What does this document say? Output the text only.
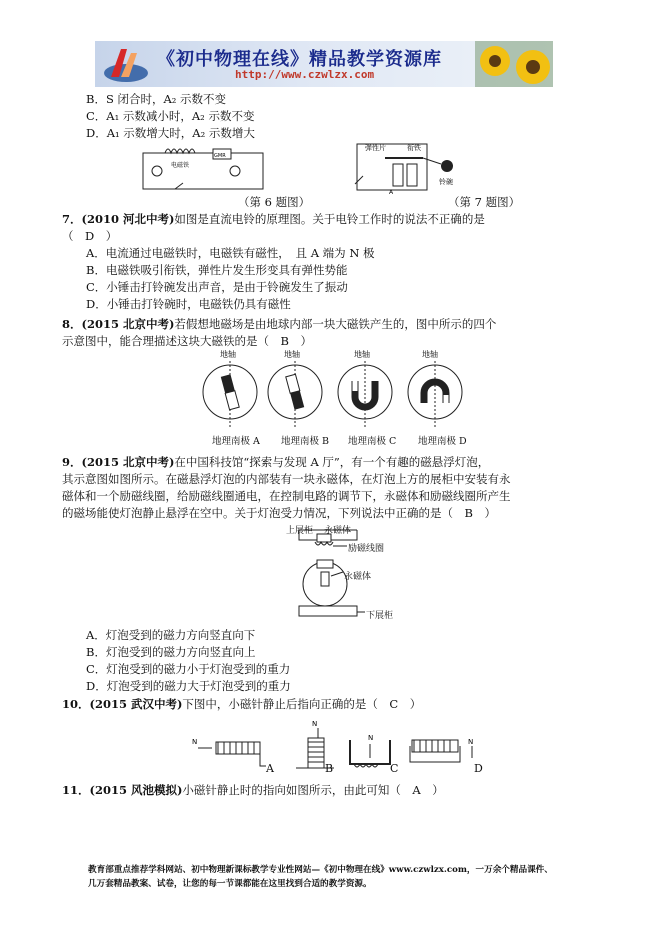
《初中物理在线》精品教学资源库
http://www.czwlzx.com
B．S 闭合时，A₂ 示数不变
C．A₁ 示数减小时，A₂ 示数不变
D．A₁ 示数增大时，A₂ 示数增大
电磁铁
GMR
（第 6 题图）
弹性片	衔铁
铃碗
A
（第 7 题图）
7．(2010 河北中考)如图是直流电铃的原理图。关于电铃工作时的说法不正确的是
（　D　）
A．电流通过电磁铁时，电磁铁有磁性，　且 A 端为 N 极
B．电磁铁吸引衔铁，弹性片发生形变具有弹性势能
C．小锤击打铃碗发出声音，是由于铃碗发生了振动
D．小锤击打铃碗时，电磁铁仍具有磁性
8．(2015 北京中考)若假想地磁场是由地球内部一块大磁铁产生的，图中所示的四个
示意图中，能合理描述这块大磁铁的是（　B　）
地轴	地轴	地轴	地轴
地理南极 A 地理南极 B 地理南极 C 地理南极 D
9．(2015 北京中考)在中国科技馆“探索与发现 A 厅”，有一个有趣的磁悬浮灯泡，
其示意图如图所示。在磁悬浮灯泡的内部装有一块永磁体，在灯泡上方的展柜中安装有永
磁体和一个励磁线圈，给励磁线圈通电，在控制电路的调节下，永磁体和励磁线圈所产生
的磁场能使灯泡静止悬浮在空中。关于灯泡受力情况，下列说法中正确的是（　B　）
上展柜 永磁体
励磁线圈
永磁体
下展柜
A．灯泡受到的磁力方向竖直向下
B．灯泡受到的磁力方向竖直向上
C．灯泡受到的磁力小于灯泡受到的重力
D．灯泡受到的磁力大于灯泡受到的重力
10．(2015 武汉中考)下图中，小磁针静止后指向正确的是（　C　）
N
N
N	N
A	B	C	D
11．(2015 风池模拟)小磁针静止时的指向如图所示，由此可知（　A　）
教育部重点推荐学科网站、初中物理新课标教学专业性网站—《初中物理在线》www.czwlzx.com，一万余个精品课件、
几万套精品教案、试卷，让您的每一节课都能在这里找到合适的教学资源。
